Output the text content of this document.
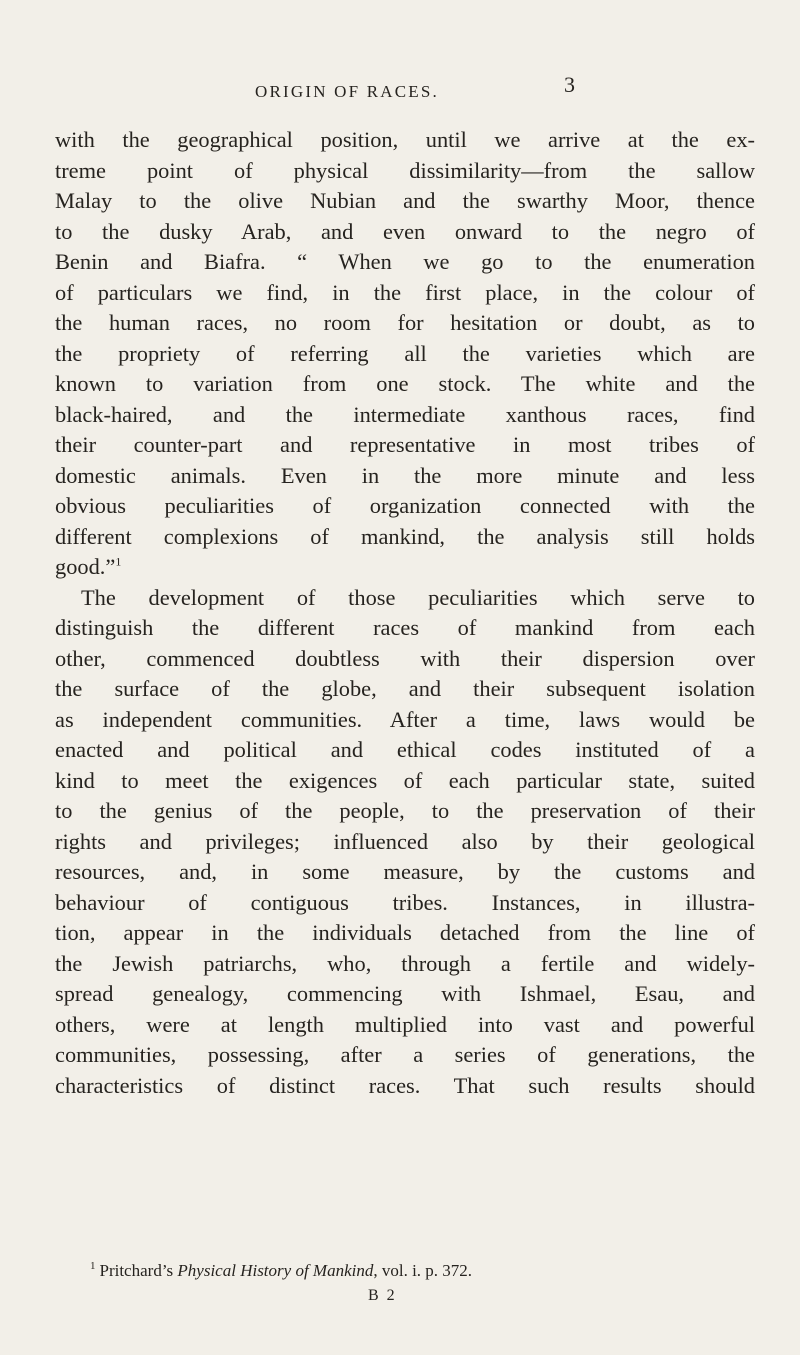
ORIGIN OF RACES.	3
with the geographical position, until we arrive at the ex-
treme point of physical dissimilarity—from the sallow
Malay to the olive Nubian and the swarthy Moor, thence
to the dusky Arab, and even onward to the negro of
Benin and Biafra. “ When we go to the enumeration
of particulars we find, in the first place, in the colour of
the human races, no room for hesitation or doubt, as to
the propriety of referring all the varieties which are
known to variation from one stock. The white and the
black-haired, and the intermediate xanthous races, find
their counter-part and representative in most tribes of
domestic animals. Even in the more minute and less
obvious peculiarities of organization connected with the
different complexions of mankind, the analysis still holds
good.”$^1$
The development of those peculiarities which serve to
distinguish the different races of mankind from each
other, commenced doubtless with their dispersion over
the surface of the globe, and their subsequent isolation
as independent communities. After a time, laws would be
enacted and political and ethical codes instituted of a
kind to meet the exigences of each particular state, suited
to the genius of the people, to the preservation of their
rights and privileges; influenced also by their geological
resources, and, in some measure, by the customs and
behaviour of contiguous tribes. Instances, in illustra-
tion, appear in the individuals detached from the line of
the Jewish patriarchs, who, through a fertile and widely-
spread genealogy, commencing with Ishmael, Esau, and
others, were at length multiplied into vast and powerful
communities, possessing, after a series of generations, the
characteristics of distinct races. That such results should
$^1$ Pritchard’s Physical History of Mankind, vol. i. p. 372.
B 2
